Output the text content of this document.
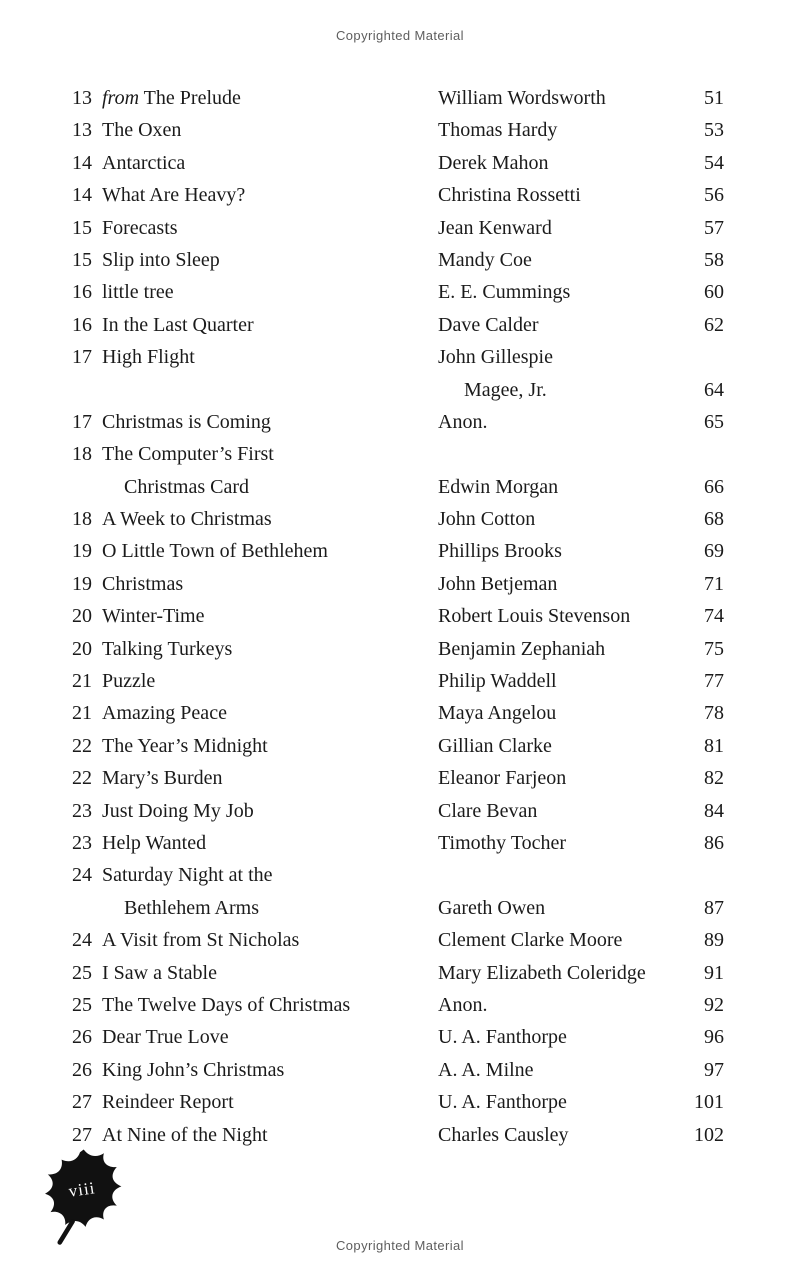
Copyrighted Material
13 from The Prelude	William Wordsworth	51
13 The Oxen	Thomas Hardy	53
14 Antarctica	Derek Mahon	54
14 What Are Heavy?	Christina Rossetti	56
15 Forecasts	Jean Kenward	57
15 Slip into Sleep	Mandy Coe	58
16 little tree	E. E. Cummings	60
16 In the Last Quarter	Dave Calder	62
17 High Flight	John Gillespie
Magee, Jr.	64
17 Christmas is Coming	Anon.	65
18 The Computer’s First
Christmas Card	Edwin Morgan	66
18 A Week to Christmas	John Cotton	68
19 O Little Town of Bethlehem	Phillips Brooks	69
19 Christmas	John Betjeman	71
20 Winter-Time	Robert Louis Stevenson	74
20 Talking Turkeys	Benjamin Zephaniah	75
21 Puzzle	Philip Waddell	77
21 Amazing Peace	Maya Angelou	78
22 The Year’s Midnight	Gillian Clarke	81
22 Mary’s Burden	Eleanor Farjeon	82
23 Just Doing My Job	Clare Bevan	84
23 Help Wanted	Timothy Tocher	86
24 Saturday Night at the
Bethlehem Arms	Gareth Owen	87
24 A Visit from St Nicholas	Clement Clarke Moore	89
25 I Saw a Stable	Mary Elizabeth Coleridge	91
25 The Twelve Days of Christmas	Anon.	92
26 Dear True Love	U. A. Fanthorpe	96
26 King John’s Christmas	A. A. Milne	97
27 Reindeer Report	U. A. Fanthorpe	101
27 At Nine of the Night	Charles Causley	102
viii
Copyrighted Material
